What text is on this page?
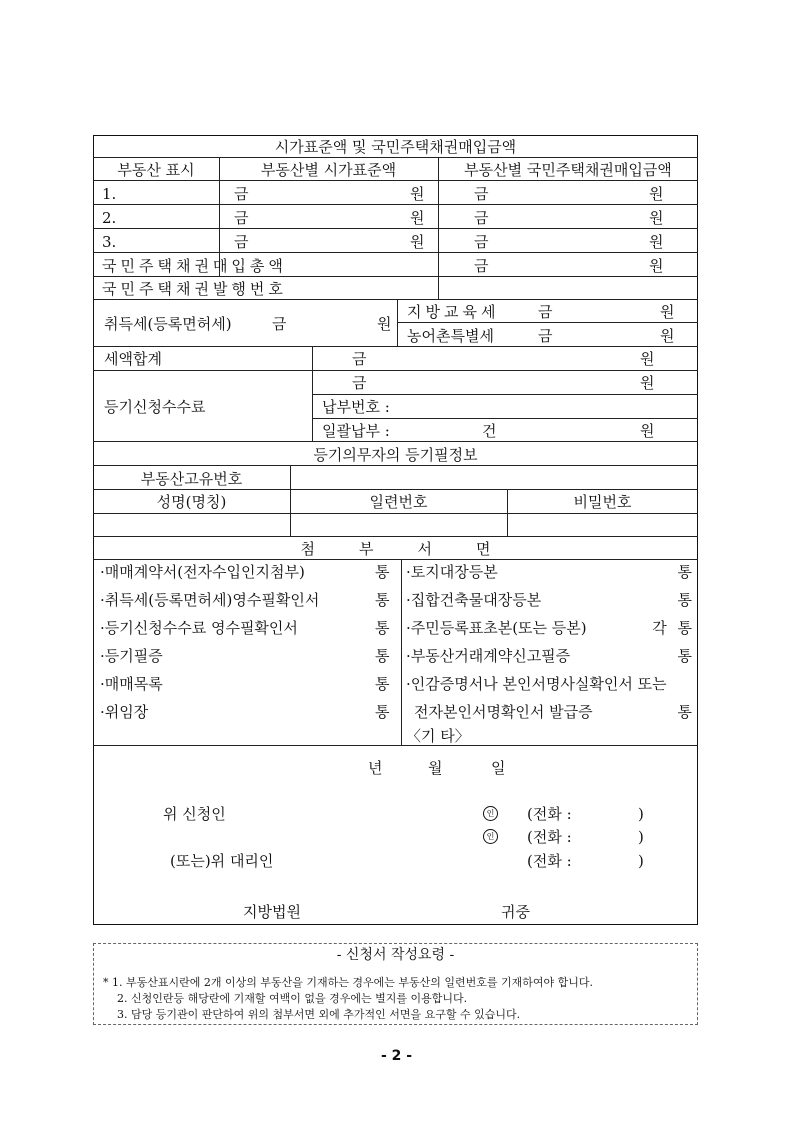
시가표준액 및 국민주택채권매입금액
부동산 표시	부동산별 시가표준액	부동산별 국민주택채권매입금액
1.	금	원	금	원
2.	금	원	금	원
3.	금	원	금	원
국민주택채권매입총액	금	원
국민주택채권발행번호
취득세(등록면허세)	금	원
지방교육세	금	원
농어촌특별세	금	원
세액합계	금	원
등기신청수수료
금	원
납부번호 :
일괄납부 :	건	원
등기의무자의 등기필정보
부동산고유번호
성명(명칭)	일련번호	비밀번호
첨부서면
·매매계약서(전자수입인지첨부)	통
·취득세(등록면허세)영수필확인서	통
·등기신청수수료 영수필확인서	통
·등기필증	통
·매매목록	통
·위임장	통
·토지대장등본	통
·집합건축물대장등본	통
·주민등록표초본(또는 등본)	각 통
·부동산거래계약신고필증	통
·인감증명서나 본인서명사실확인서 또는
전자본인서명확인서 발급증	통
〈기 타〉
년	월	일
위 신청인	인 (전화 :	)
인 (전화 :	)
(또는)위 대리인	(전화 :	)
지방법원	귀중
- 신청서 작성요령 -
* 1. 부동산표시란에 2개 이상의 부동산을 기재하는 경우에는 부동산의 일련번호를 기재하여야 합니다.
2. 신청인란등 해당란에 기재할 여백이 없을 경우에는 별지를 이용합니다.
3. 담당 등기관이 판단하여 위의 첨부서면 외에 추가적인 서면을 요구할 수 있습니다.
- 2 -
